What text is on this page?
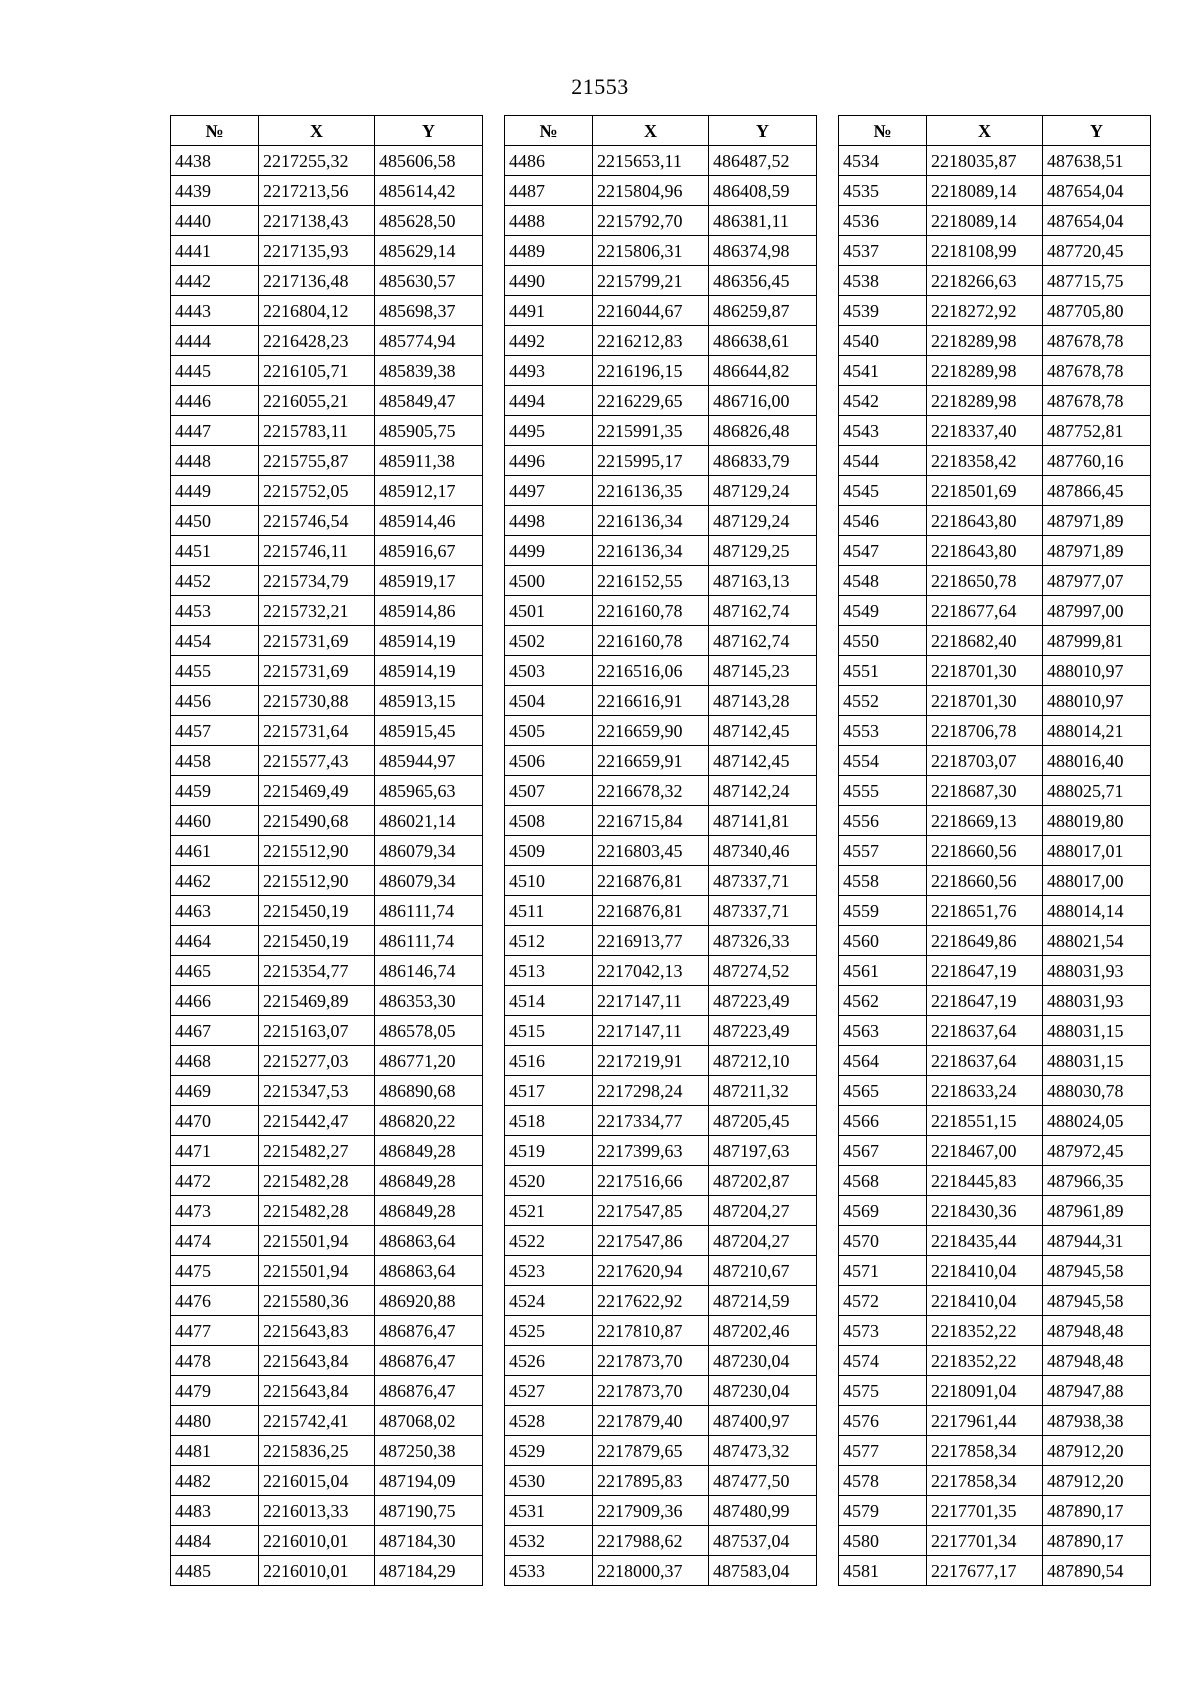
21553
№	X	Y
4438	2217255,32	485606,58
4439	2217213,56	485614,42
4440	2217138,43	485628,50
4441	2217135,93	485629,14
4442	2217136,48	485630,57
4443	2216804,12	485698,37
4444	2216428,23	485774,94
4445	2216105,71	485839,38
4446	2216055,21	485849,47
4447	2215783,11	485905,75
4448	2215755,87	485911,38
4449	2215752,05	485912,17
4450	2215746,54	485914,46
4451	2215746,11	485916,67
4452	2215734,79	485919,17
4453	2215732,21	485914,86
4454	2215731,69	485914,19
4455	2215731,69	485914,19
4456	2215730,88	485913,15
4457	2215731,64	485915,45
4458	2215577,43	485944,97
4459	2215469,49	485965,63
4460	2215490,68	486021,14
4461	2215512,90	486079,34
4462	2215512,90	486079,34
4463	2215450,19	486111,74
4464	2215450,19	486111,74
4465	2215354,77	486146,74
4466	2215469,89	486353,30
4467	2215163,07	486578,05
4468	2215277,03	486771,20
4469	2215347,53	486890,68
4470	2215442,47	486820,22
4471	2215482,27	486849,28
4472	2215482,28	486849,28
4473	2215482,28	486849,28
4474	2215501,94	486863,64
4475	2215501,94	486863,64
4476	2215580,36	486920,88
4477	2215643,83	486876,47
4478	2215643,84	486876,47
4479	2215643,84	486876,47
4480	2215742,41	487068,02
4481	2215836,25	487250,38
4482	2216015,04	487194,09
4483	2216013,33	487190,75
4484	2216010,01	487184,30
4485	2216010,01	487184,29
№	X	Y
4486	2215653,11	486487,52
4487	2215804,96	486408,59
4488	2215792,70	486381,11
4489	2215806,31	486374,98
4490	2215799,21	486356,45
4491	2216044,67	486259,87
4492	2216212,83	486638,61
4493	2216196,15	486644,82
4494	2216229,65	486716,00
4495	2215991,35	486826,48
4496	2215995,17	486833,79
4497	2216136,35	487129,24
4498	2216136,34	487129,24
4499	2216136,34	487129,25
4500	2216152,55	487163,13
4501	2216160,78	487162,74
4502	2216160,78	487162,74
4503	2216516,06	487145,23
4504	2216616,91	487143,28
4505	2216659,90	487142,45
4506	2216659,91	487142,45
4507	2216678,32	487142,24
4508	2216715,84	487141,81
4509	2216803,45	487340,46
4510	2216876,81	487337,71
4511	2216876,81	487337,71
4512	2216913,77	487326,33
4513	2217042,13	487274,52
4514	2217147,11	487223,49
4515	2217147,11	487223,49
4516	2217219,91	487212,10
4517	2217298,24	487211,32
4518	2217334,77	487205,45
4519	2217399,63	487197,63
4520	2217516,66	487202,87
4521	2217547,85	487204,27
4522	2217547,86	487204,27
4523	2217620,94	487210,67
4524	2217622,92	487214,59
4525	2217810,87	487202,46
4526	2217873,70	487230,04
4527	2217873,70	487230,04
4528	2217879,40	487400,97
4529	2217879,65	487473,32
4530	2217895,83	487477,50
4531	2217909,36	487480,99
4532	2217988,62	487537,04
4533	2218000,37	487583,04
№	X	Y
4534	2218035,87	487638,51
4535	2218089,14	487654,04
4536	2218089,14	487654,04
4537	2218108,99	487720,45
4538	2218266,63	487715,75
4539	2218272,92	487705,80
4540	2218289,98	487678,78
4541	2218289,98	487678,78
4542	2218289,98	487678,78
4543	2218337,40	487752,81
4544	2218358,42	487760,16
4545	2218501,69	487866,45
4546	2218643,80	487971,89
4547	2218643,80	487971,89
4548	2218650,78	487977,07
4549	2218677,64	487997,00
4550	2218682,40	487999,81
4551	2218701,30	488010,97
4552	2218701,30	488010,97
4553	2218706,78	488014,21
4554	2218703,07	488016,40
4555	2218687,30	488025,71
4556	2218669,13	488019,80
4557	2218660,56	488017,01
4558	2218660,56	488017,00
4559	2218651,76	488014,14
4560	2218649,86	488021,54
4561	2218647,19	488031,93
4562	2218647,19	488031,93
4563	2218637,64	488031,15
4564	2218637,64	488031,15
4565	2218633,24	488030,78
4566	2218551,15	488024,05
4567	2218467,00	487972,45
4568	2218445,83	487966,35
4569	2218430,36	487961,89
4570	2218435,44	487944,31
4571	2218410,04	487945,58
4572	2218410,04	487945,58
4573	2218352,22	487948,48
4574	2218352,22	487948,48
4575	2218091,04	487947,88
4576	2217961,44	487938,38
4577	2217858,34	487912,20
4578	2217858,34	487912,20
4579	2217701,35	487890,17
4580	2217701,34	487890,17
4581	2217677,17	487890,54
